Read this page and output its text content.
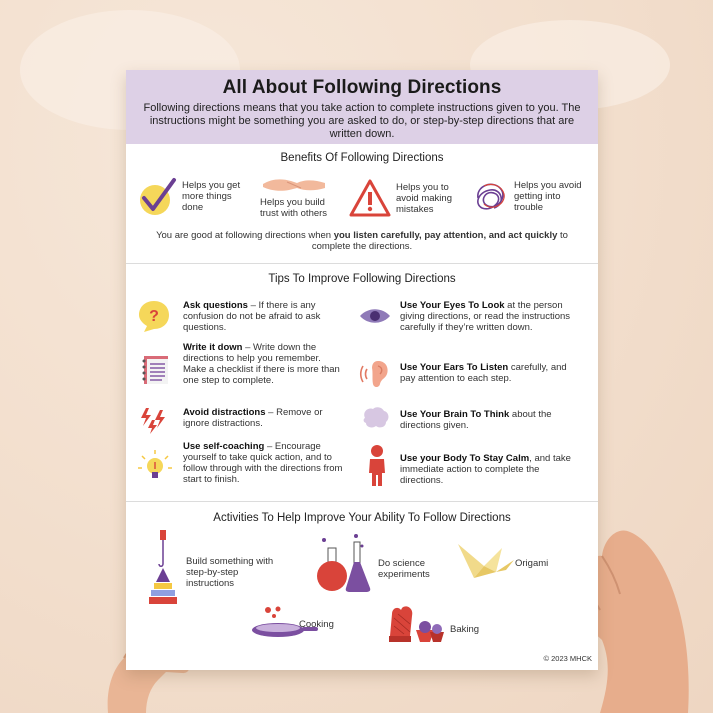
All About Following Directions
Following directions means that you take action to complete instructions given to you. The instructions might be something you are asked to do, or step-by-step directions that are written down.
Benefits Of Following Directions
Helps you get more things done	Helps you build trust with others
Helps you to avoid making mistakes
Helps you avoid getting into trouble
You are good at following directions when you listen carefully, pay attention, and act quickly to complete the directions.
Tips To Improve Following Directions
?
Ask questions – If there is any confusion do not be afraid to ask questions.
Write it down – Write down the directions to help you remember. Make a checklist if there is more than one step to complete.
Avoid distractions – Remove or ignore distractions.
Use self-coaching – Encourage yourself to take quick action, and to follow through with the directions from start to finish.
Use Your Eyes To Look at the person giving directions, or read the instructions carefully if they’re written down.
Use Your Ears To Listen carefully, and pay attention to each step.
Use Your Brain To Think about the directions given.
Use your Body To Stay Calm, and take immediate action to complete the directions.
Activities To Help Improve Your Ability To Follow Directions
Build something with step-by-step instructions
Do science experiments
Origami
Cooking	Baking
© 2023 MHCK
